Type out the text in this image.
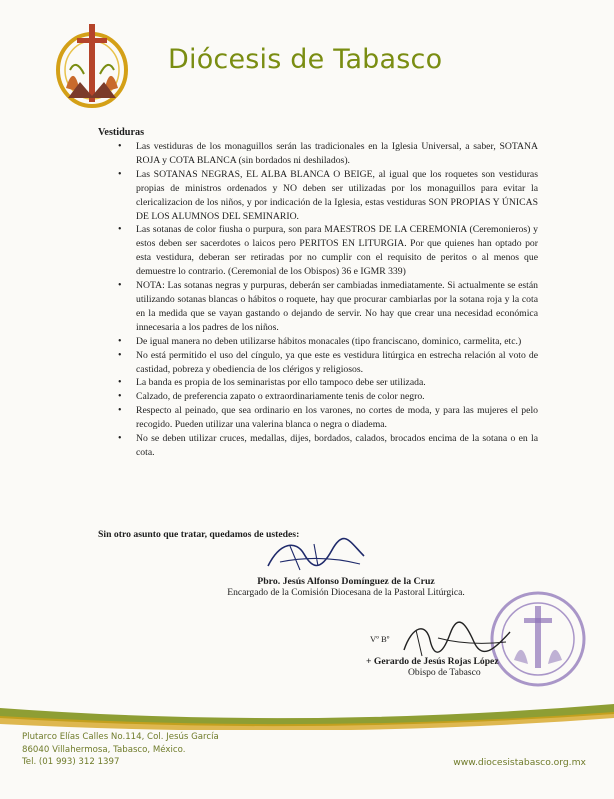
Diócesis de Tabasco
Vestiduras
• Las vestiduras de los monaguillos serán las tradicionales en la Iglesia Universal, a saber, SOTANA ROJA y COTA BLANCA (sin bordados ni deshilados).
• Las SOTANAS NEGRAS, EL ALBA BLANCA O BEIGE, al igual que los roquetes son vestiduras propias de ministros ordenados y NO deben ser utilizadas por los monaguillos para evitar la clericalizacion de los niños, y por indicación de la Iglesia, estas vestiduras SON PROPIAS Y ÚNICAS DE LOS ALUMNOS DEL SEMINARIO.
• Las sotanas de color fiusha o purpura, son para MAESTROS DE LA CEREMONIA (Ceremonieros) y estos deben ser sacerdotes o laicos pero PERITOS EN LITURGIA. Por que quienes han optado por esta vestidura, deberan ser retiradas por no cumplir con el requisito de peritos o al menos que demuestre lo contrario. (Ceremonial de los Obispos) 36 e IGMR 339)
• NOTA: Las sotanas negras y purpuras, deberán ser cambiadas inmediatamente. Si actualmente se están utilizando sotanas blancas o hábitos o roquete, hay que procurar cambiarlas por la sotana roja y la cota en la medida que se vayan gastando o dejando de servir. No hay que crear una necesidad económica innecesaria a los padres de los niños.
• De igual manera no deben utilizarse hábitos monacales (tipo franciscano, dominico, carmelita, etc.)
• No está permitido el uso del cíngulo, ya que este es vestidura litúrgica en estrecha relación al voto de castidad, pobreza y obediencia de los clérigos y religiosos.
• La banda es propia de los seminaristas por ello tampoco debe ser utilizada.
• Calzado, de preferencia zapato o extraordinariamente tenis de color negro.
• Respecto al peinado, que sea ordinario en los varones, no cortes de moda, y para las mujeres el pelo recogido. Pueden utilizar una valerina blanca o negra o diadema.
• No se deben utilizar cruces, medallas, dijes, bordados, calados, brocados encima de la sotana o en la cota.
Sin otro asunto que tratar, quedamos de ustedes:
Pbro. Jesús Alfonso Domínguez de la Cruz
Encargado de la Comisión Diocesana de la Pastoral Litúrgica.
Vº Bº
+ Gerardo de Jesús Rojas López
Obispo de Tabasco
Plutarco Elías Calles No.114, Col. Jesús García
86040 Villahermosa, Tabasco, México.
Tel. (01 993) 312 1397	www.diocesistabasco.org.mx
